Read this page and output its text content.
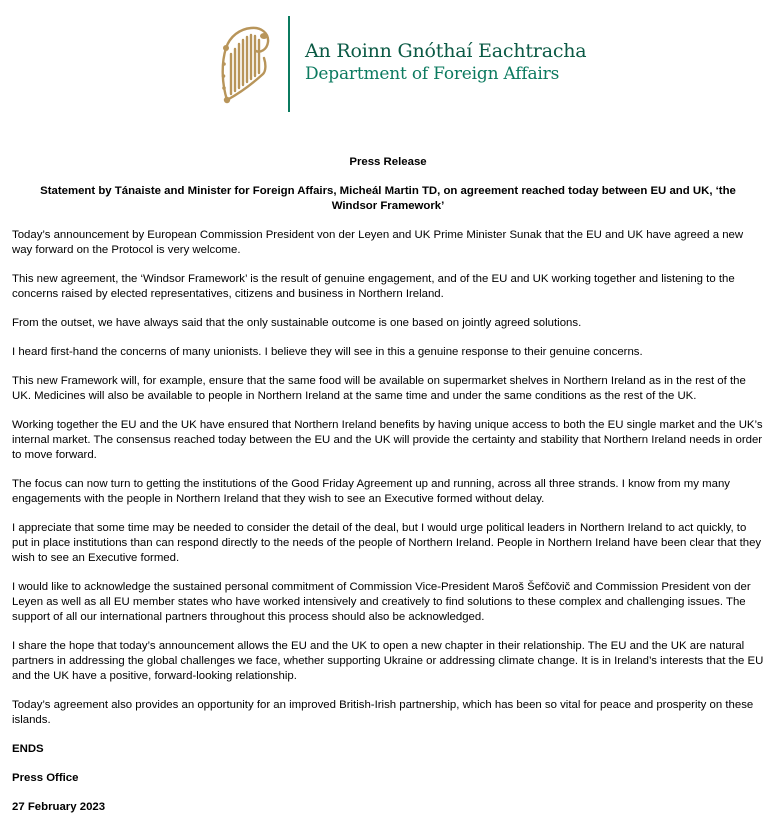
An Roinn Gnóthaí Eachtracha
Department of Foreign Affairs

Press Release

Statement by Tánaiste and Minister for Foreign Affairs, Micheál Martin TD, on agreement reached today between EU and UK, ‘the Windsor Framework’

Today’s announcement by European Commission President von der Leyen and UK Prime Minister Sunak that the EU and UK have agreed a new way forward on the Protocol is very welcome.

This new agreement, the ‘Windsor Framework’ is the result of genuine engagement, and of the EU and UK working together and listening to the concerns raised by elected representatives, citizens and business in Northern Ireland.

From the outset, we have always said that the only sustainable outcome is one based on jointly agreed solutions.

I heard first-hand the concerns of many unionists. I believe they will see in this a genuine response to their genuine concerns.

This new Framework will, for example, ensure that the same food will be available on supermarket shelves in Northern Ireland as in the rest of the UK. Medicines will also be available to people in Northern Ireland at the same time and under the same conditions as the rest of the UK.

Working together the EU and the UK have ensured that Northern Ireland benefits by having unique access to both the EU single market and the UK’s internal market. The consensus reached today between the EU and the UK will provide the certainty and stability that Northern Ireland needs in order to move forward.

The focus can now turn to getting the institutions of the Good Friday Agreement up and running, across all three strands. I know from my many engagements with the people in Northern Ireland that they wish to see an Executive formed without delay.

I appreciate that some time may be needed to consider the detail of the deal, but I would urge political leaders in Northern Ireland to act quickly, to put in place institutions than can respond directly to the needs of the people of Northern Ireland. People in Northern Ireland have been clear that they wish to see an Executive formed.

I would like to acknowledge the sustained personal commitment of Commission Vice-President Maroš Šefčovič and Commission President von der Leyen as well as all EU member states who have worked intensively and creatively to find solutions to these complex and challenging issues. The support of all our international partners throughout this process should also be acknowledged.

I share the hope that today’s announcement allows the EU and the UK to open a new chapter in their relationship. The EU and the UK are natural partners in addressing the global challenges we face, whether supporting Ukraine or addressing climate change. It is in Ireland’s interests that the EU and the UK have a positive, forward-looking relationship.

Today’s agreement also provides an opportunity for an improved British-Irish partnership, which has been so vital for peace and prosperity on these islands.

ENDS

Press Office

27 February 2023
